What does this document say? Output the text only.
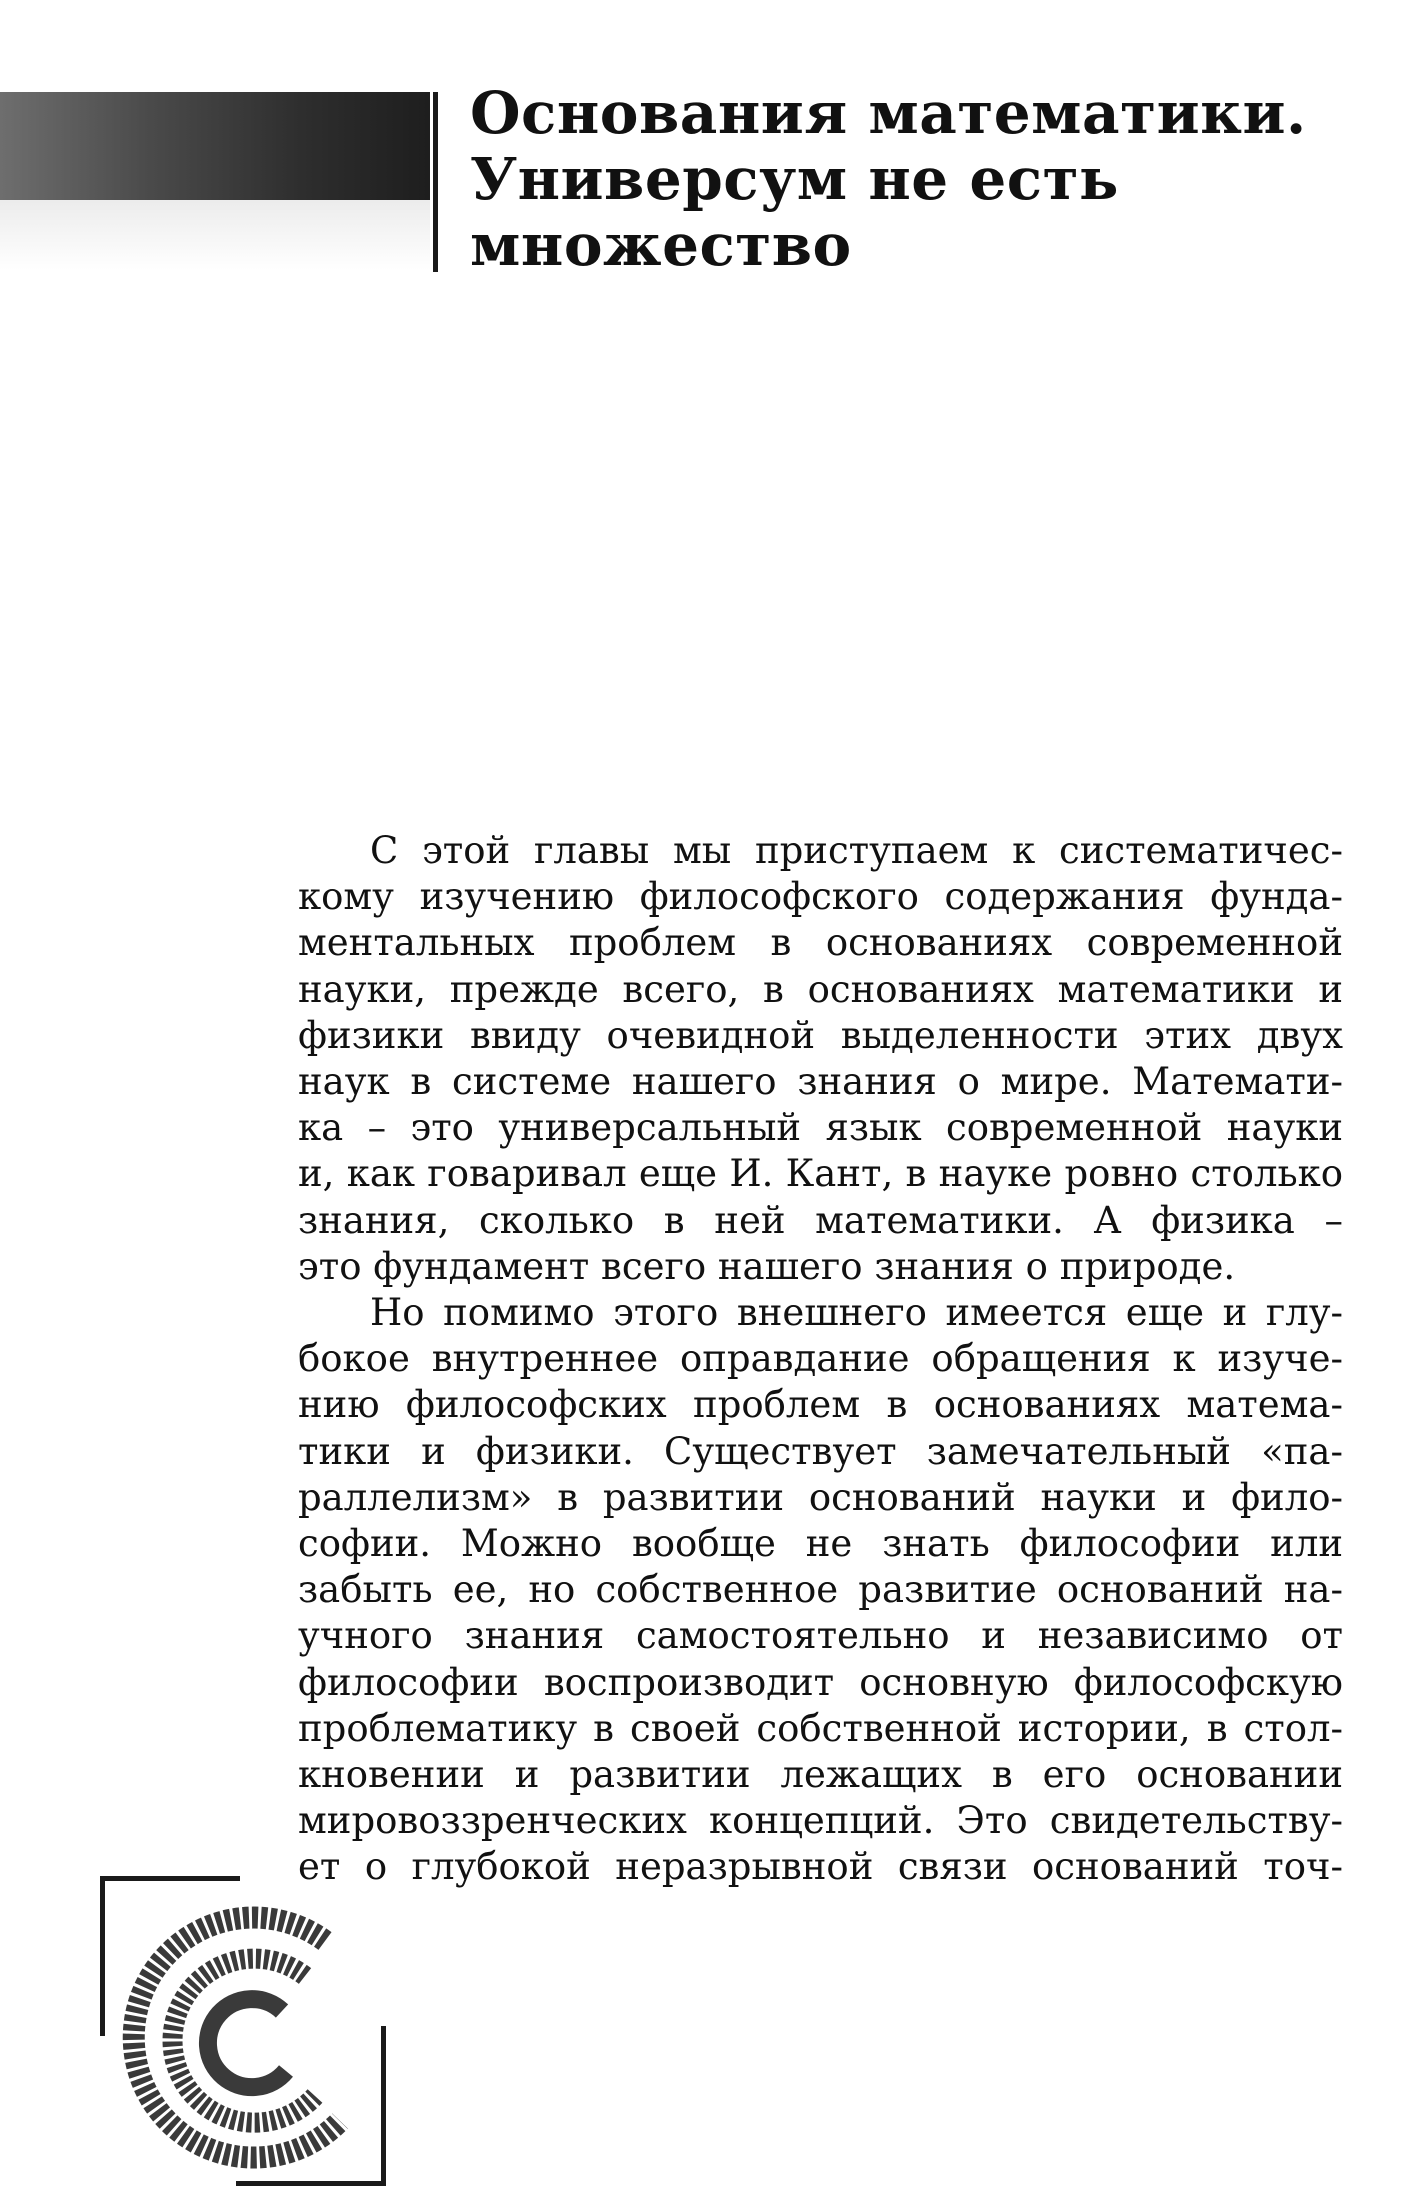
Основания математики.
Универсум не есть
множество
С этой главы мы приступаем к систематичес-
кому изучению философского содержания фунда-
ментальных проблем в основаниях современной
науки, прежде всего, в основаниях математики и
физики ввиду очевидной выделенности этих двух
наук в системе нашего знания о мире. Математи-
ка – это универсальный язык современной науки
и, как говаривал еще И. Кант, в науке ровно столько
знания, сколько в ней математики. А физика –
это фундамент всего нашего знания о природе.
Но помимо этого внешнего имеется еще и глу-
бокое внутреннее оправдание обращения к изуче-
нию философских проблем в основаниях матема-
тики и физики. Существует замечательный «па-
раллелизм» в развитии оснований науки и фило-
софии. Можно вообще не знать философии или
забыть ее, но собственное развитие оснований на-
учного знания самостоятельно и независимо от
философии воспроизводит основную философскую
проблематику в своей собственной истории, в стол-
кновении и развитии лежащих в его основании
мировоззренческих концепций. Это свидетельству-
ет о глубокой неразрывной связи оснований точ-
